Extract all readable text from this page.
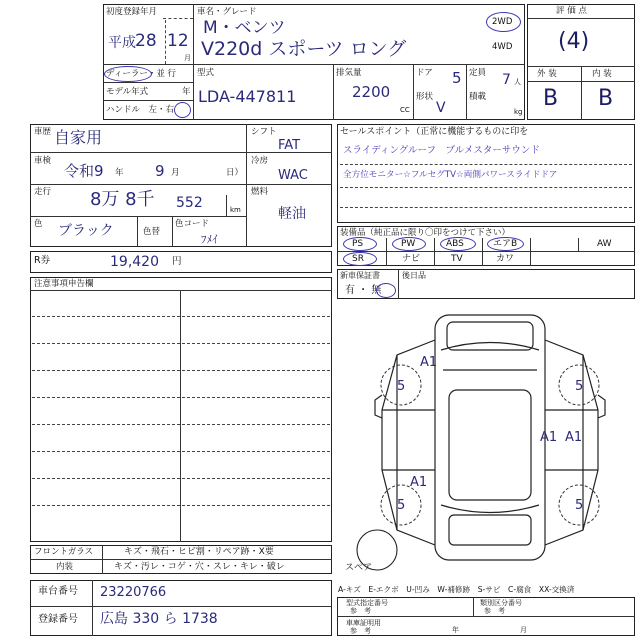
初度登録年月
平成 28 12
月
車名・グレード
M・ベンツ
V220d スポーツ ロング
2WD
4WD
ディーラー・並 行
モデル年式	年
ハンドル　左・右
型式
LDA-447811
排気量
2200
CC
ドア 5
形状
V
定員 7 人
積載
kg
評 価 点
(4)
外 装	内 装
B B
車歴 自家用
車検
令和9 年 9 月	日）
走行 8万 8千 552	km
色 ブラック	色替
色コード
ﾌﾒｲ
シフト
FAT
冷房
WAC
燃料
軽油
R券	19,420 円
セールスポイント（正常に機能するものに印を
スライディングルーフ　ブルメスターサウンド
全方位モニター☆フルセグTV☆両側パワースライドドア
装備品（純正品に限り〇印をつけて下さい）
PS	PW	ABS	エアB	AW
SR	ナビ	TV	カワ
新車保証書	後日品
有 ・ 無
注意事項申告欄
A1
5	5
A1 A1
A1
5	5
スペア
フロントガラス	キズ・飛石・ヒビ割・リペア跡・X要
内装	キズ・汚レ・コゲ・穴・スレ・キレ・破レ
車台番号 23220766
登録番号 広島 330 ら 1738
A-キズ　E-エクボ　U-凹み　W-補修跡　S-サビ　C-腐食　XX-交換済
型式指定番号
参　考
類別区分番号
参　考
車庫証明用
参　考	年	月
